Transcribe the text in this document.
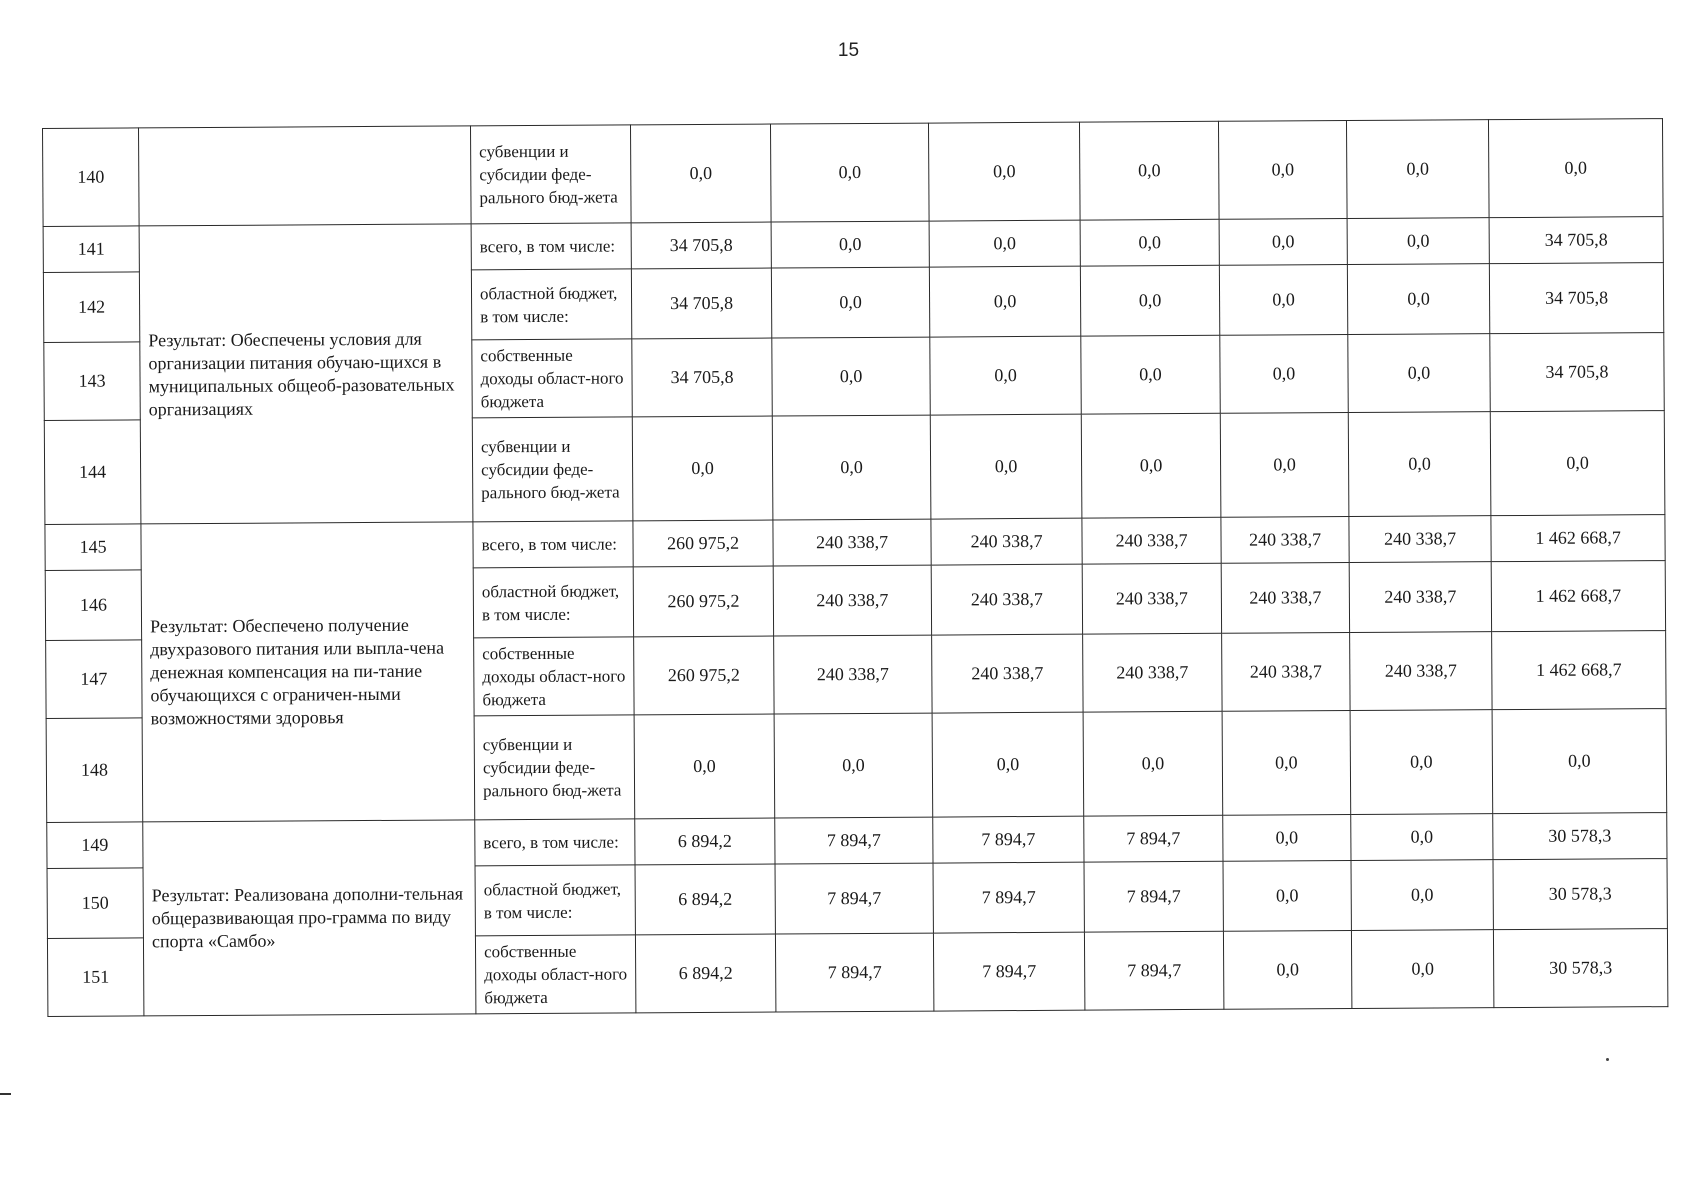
15
140		субвенции и субсидии феде-рального бюд-жета	0,0	0,0	0,0	0,0	0,0	0,0	0,0
141	Результат: Обеспечены условия для организации питания обучаю-щихся в муниципальных общеоб-разовательных организациях	всего, в том числе:	34 705,8	0,0	0,0	0,0	0,0	0,0	34 705,8
142		областной бюджет, в том числе:	34 705,8	0,0	0,0	0,0	0,0	0,0	34 705,8
143		собственные доходы област-ного бюджета	34 705,8	0,0	0,0	0,0	0,0	0,0	34 705,8
144		субвенции и субсидии феде-рального бюд-жета	0,0	0,0	0,0	0,0	0,0	0,0	0,0
145	Результат: Обеспечено получение двухразового питания или выпла-чена денежная компенсация на пи-тание обучающихся с ограничен-ными возможностями здоровья	всего, в том числе:	260 975,2	240 338,7	240 338,7	240 338,7	240 338,7	240 338,7	1 462 668,7
146		областной бюджет, в том числе:	260 975,2	240 338,7	240 338,7	240 338,7	240 338,7	240 338,7	1 462 668,7
147		собственные доходы област-ного бюджета	260 975,2	240 338,7	240 338,7	240 338,7	240 338,7	240 338,7	1 462 668,7
148		субвенции и субсидии феде-рального бюд-жета	0,0	0,0	0,0	0,0	0,0	0,0	0,0
149	Результат: Реализована дополни-тельная общеразвивающая про-грамма по виду спорта «Самбо»	всего, в том числе:	6 894,2	7 894,7	7 894,7	7 894,7	0,0	0,0	30 578,3
150		областной бюджет, в том числе:	6 894,2	7 894,7	7 894,7	7 894,7	0,0	0,0	30 578,3
151		собственные доходы област-ного бюджета	6 894,2	7 894,7	7 894,7	7 894,7	0,0	0,0	30 578,3
